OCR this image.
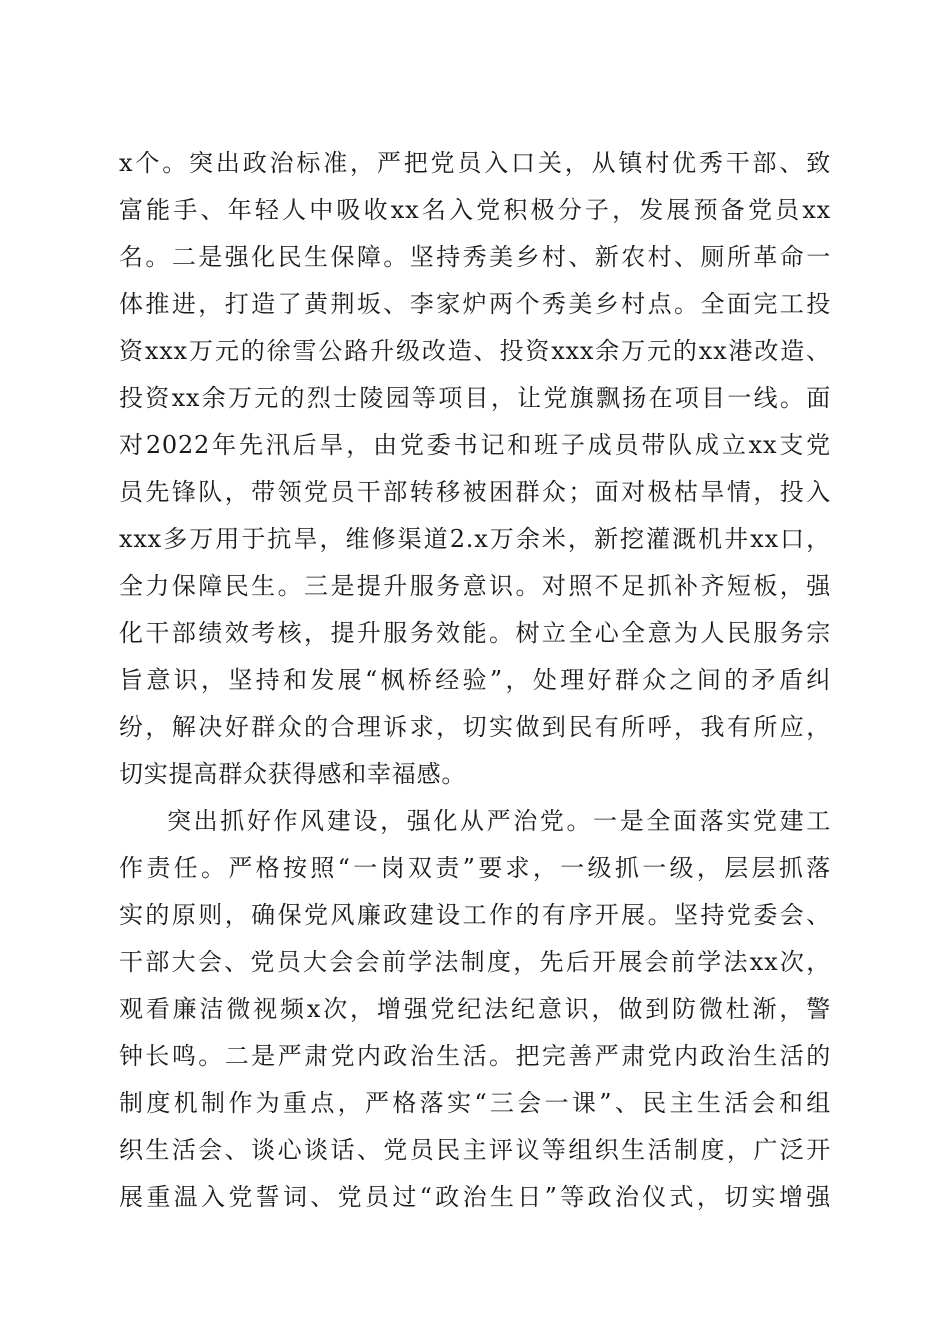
x个。突出政治标准，严把党员入口关，从镇村优秀干部、致
富能手、年轻人中吸收xx名入党积极分子，发展预备党员xx
名。二是强化民生保障。坚持秀美乡村、新农村、厕所革命一
体推进，打造了黄荆坂、李家炉两个秀美乡村点。全面完工投
资xxx万元的徐雪公路升级改造、投资xxx余万元的xx港改造、
投资xx余万元的烈士陵园等项目，让党旗飘扬在项目一线。面
对2022年先汛后旱，由党委书记和班子成员带队成立xx支党
员先锋队，带领党员干部转移被困群众；面对极枯旱情，投入
xxx多万用于抗旱，维修渠道2.x万余米，新挖灌溉机井xx口，
全力保障民生。三是提升服务意识。对照不足抓补齐短板，强
化干部绩效考核，提升服务效能。树立全心全意为人民服务宗
旨意识，坚持和发展“枫桥经验”，处理好群众之间的矛盾纠
纷，解决好群众的合理诉求，切实做到民有所呼，我有所应，
切实提高群众获得感和幸福感。
突出抓好作风建设，强化从严治党。一是全面落实党建工
作责任。严格按照“一岗双责”要求，一级抓一级，层层抓落
实的原则，确保党风廉政建设工作的有序开展。坚持党委会、
干部大会、党员大会会前学法制度，先后开展会前学法xx次，
观看廉洁微视频x次，增强党纪法纪意识，做到防微杜渐，警
钟长鸣。二是严肃党内政治生活。把完善严肃党内政治生活的
制度机制作为重点，严格落实“三会一课”、民主生活会和组
织生活会、谈心谈话、党员民主评议等组织生活制度，广泛开
展重温入党誓词、党员过“政治生日”等政治仪式，切实增强
